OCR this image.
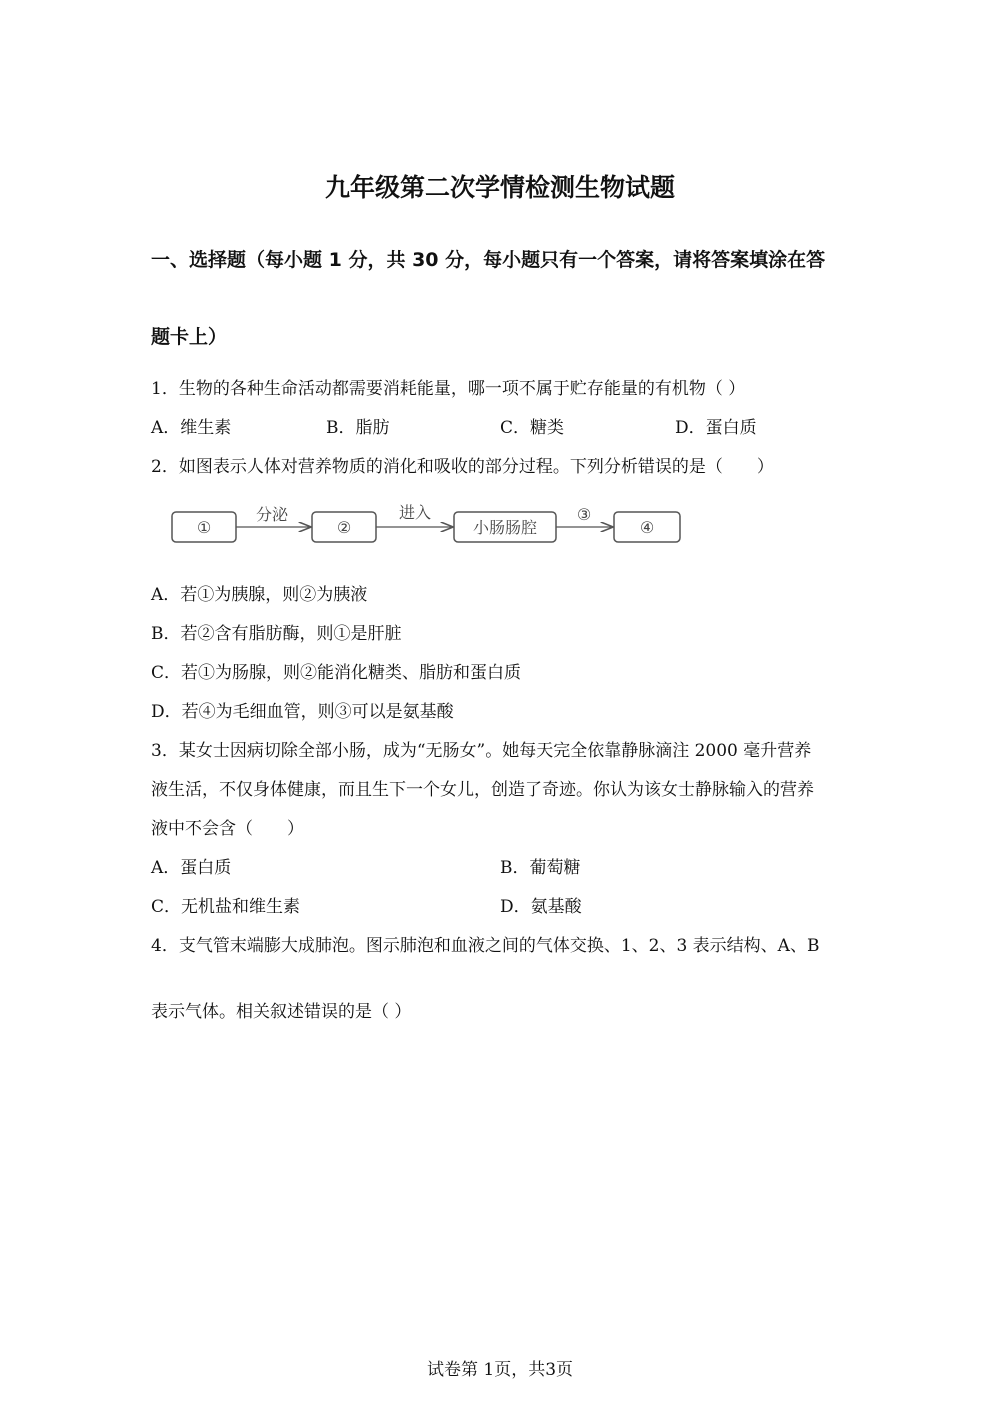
九年级第二次学情检测生物试题
一、选择题（每小题 1 分，共 30 分，每小题只有一个答案，请将答案填涂在答
题卡上）
1．生物的各种生命活动都需要消耗能量，哪一项不属于贮存能量的有机物（ ）
A．维生素	B．脂肪	C．糖类	D．蛋白质
2．如图表示人体对营养物质的消化和吸收的部分过程。下列分析错误的是（　　）
①
分泌
②
进入
小肠肠腔
③
④
A．若①为胰腺，则②为胰液
B．若②含有脂肪酶，则①是肝脏
C．若①为肠腺，则②能消化糖类、脂肪和蛋白质
D．若④为毛细血管，则③可以是氨基酸
3．某女士因病切除全部小肠，成为“无肠女”。她每天完全依靠静脉滴注 2000 毫升营养
液生活，不仅身体健康，而且生下一个女儿，创造了奇迹。你认为该女士静脉输入的营养
液中不会含（　　）
A．蛋白质	B．葡萄糖
C．无机盐和维生素	D．氨基酸
4．支气管末端膨大成肺泡。图示肺泡和血液之间的气体交换、1、2、3 表示结构、A、B
表示气体。相关叙述错误的是（ ）
试卷第 1页，共3页
